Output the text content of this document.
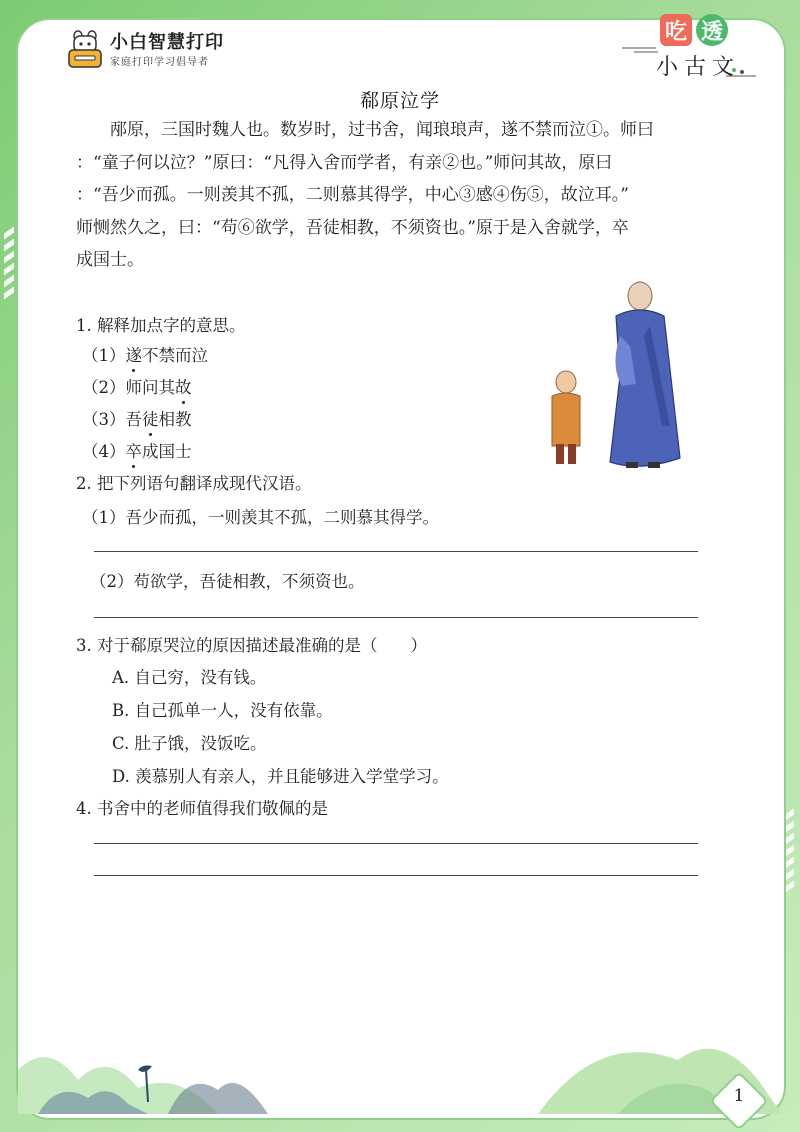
小白智慧打印
家庭打印学习倡导者
吃 透
小古文
郗原泣学

　　邴原，三国时魏人也。数岁时，过书舍，闻琅琅声，遂不禁而泣①。师曰

：“童子何以泣？”原曰：“凡得入舍而学者，有亲②也。”师问其故，原曰

：“吾少而孤。一则羡其不孤，二则慕其得学，中心③感④伤⑤，故泣耳。”

师恻然久之，曰：“苟⑥欲学，吾徒相教，不须资也。”原于是入舍就学，卒

成国士。

1. 解释加点字的意思。
（1）遂不禁而泣
（2）师问其故
（3）吾徒相教
（4）卒成国士
2. 把下列语句翻译成现代汉语。
（1）吾少而孤，一则羡其不孤，二则慕其得学。
（2）苟欲学，吾徒相教，不须资也。
3. 对于郗原哭泣的原因描述最准确的是（　　）
A. 自己穷，没有钱。
B. 自己孤单一人，没有依靠。
C. 肚子饿，没饭吃。
D. 羡慕别人有亲人，并且能够进入学堂学习。
4. 书舍中的老师值得我们敬佩的是
1
